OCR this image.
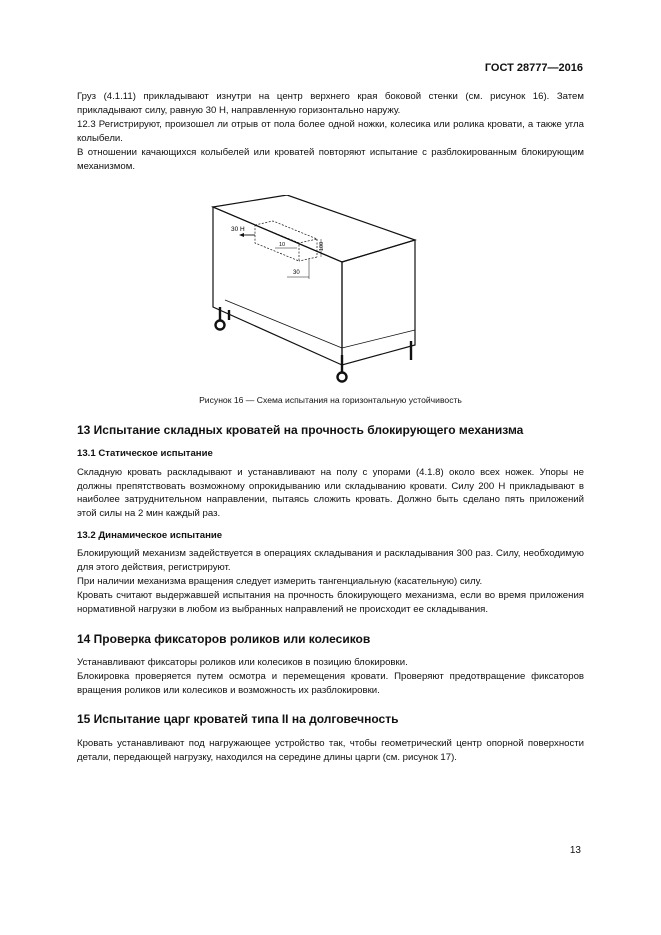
ГОСТ 28777—2016

Груз (4.1.11) прикладывают изнутри на центр верхнего края боковой стенки (см. рисунок 16). Затем прикладывают силу, равную 30 Н, направленную горизонтально наружу.

12.3 Регистрируют, произошел ли отрыв от пола более одной ножки, колесика или ролика кровати, а также угла колыбели.

В отношении качающихся колыбелей или кроватей повторяют испытание с разблокированным блокирующим механизмом.

30 Н
10	100
30
Рисунок 16 — Схема испытания на горизонтальную устойчивость
13 Испытание складных кроватей на прочность блокирующего механизма
13.1 Статическое испытание

Складную кровать раскладывают и устанавливают на полу с упорами (4.1.8) около всех ножек. Упоры не должны препятствовать возможному опрокидыванию или складыванию кровати. Силу 200 Н прикладывают в наиболее затруднительном направлении, пытаясь сложить кровать. Должно быть сделано пять приложений этой силы на 2 мин каждый раз.

13.2 Динамическое испытание

Блокирующий механизм задействуется в операциях складывания и раскладывания 300 раз. Силу, необходимую для этого действия, регистрируют.

При наличии механизма вращения следует измерить тангенциальную (касательную) силу.

Кровать считают выдержавшей испытания на прочность блокирующего механизма, если во время приложения нормативной нагрузки в любом из выбранных направлений не происходит ее складывания.

14 Проверка фиксаторов роликов или колесиков

Устанавливают фиксаторы роликов или колесиков в позицию блокировки.

Блокировка проверяется путем осмотра и перемещения кровати. Проверяют предотвращение фиксаторов вращения роликов или колесиков и возможность их разблокировки.

15 Испытание царг кроватей типа II на долговечность

Кровать устанавливают под нагружающее устройство так, чтобы геометрический центр опорной поверхности детали, передающей нагрузку, находился на середине длины царги (см. рисунок 17).

13
